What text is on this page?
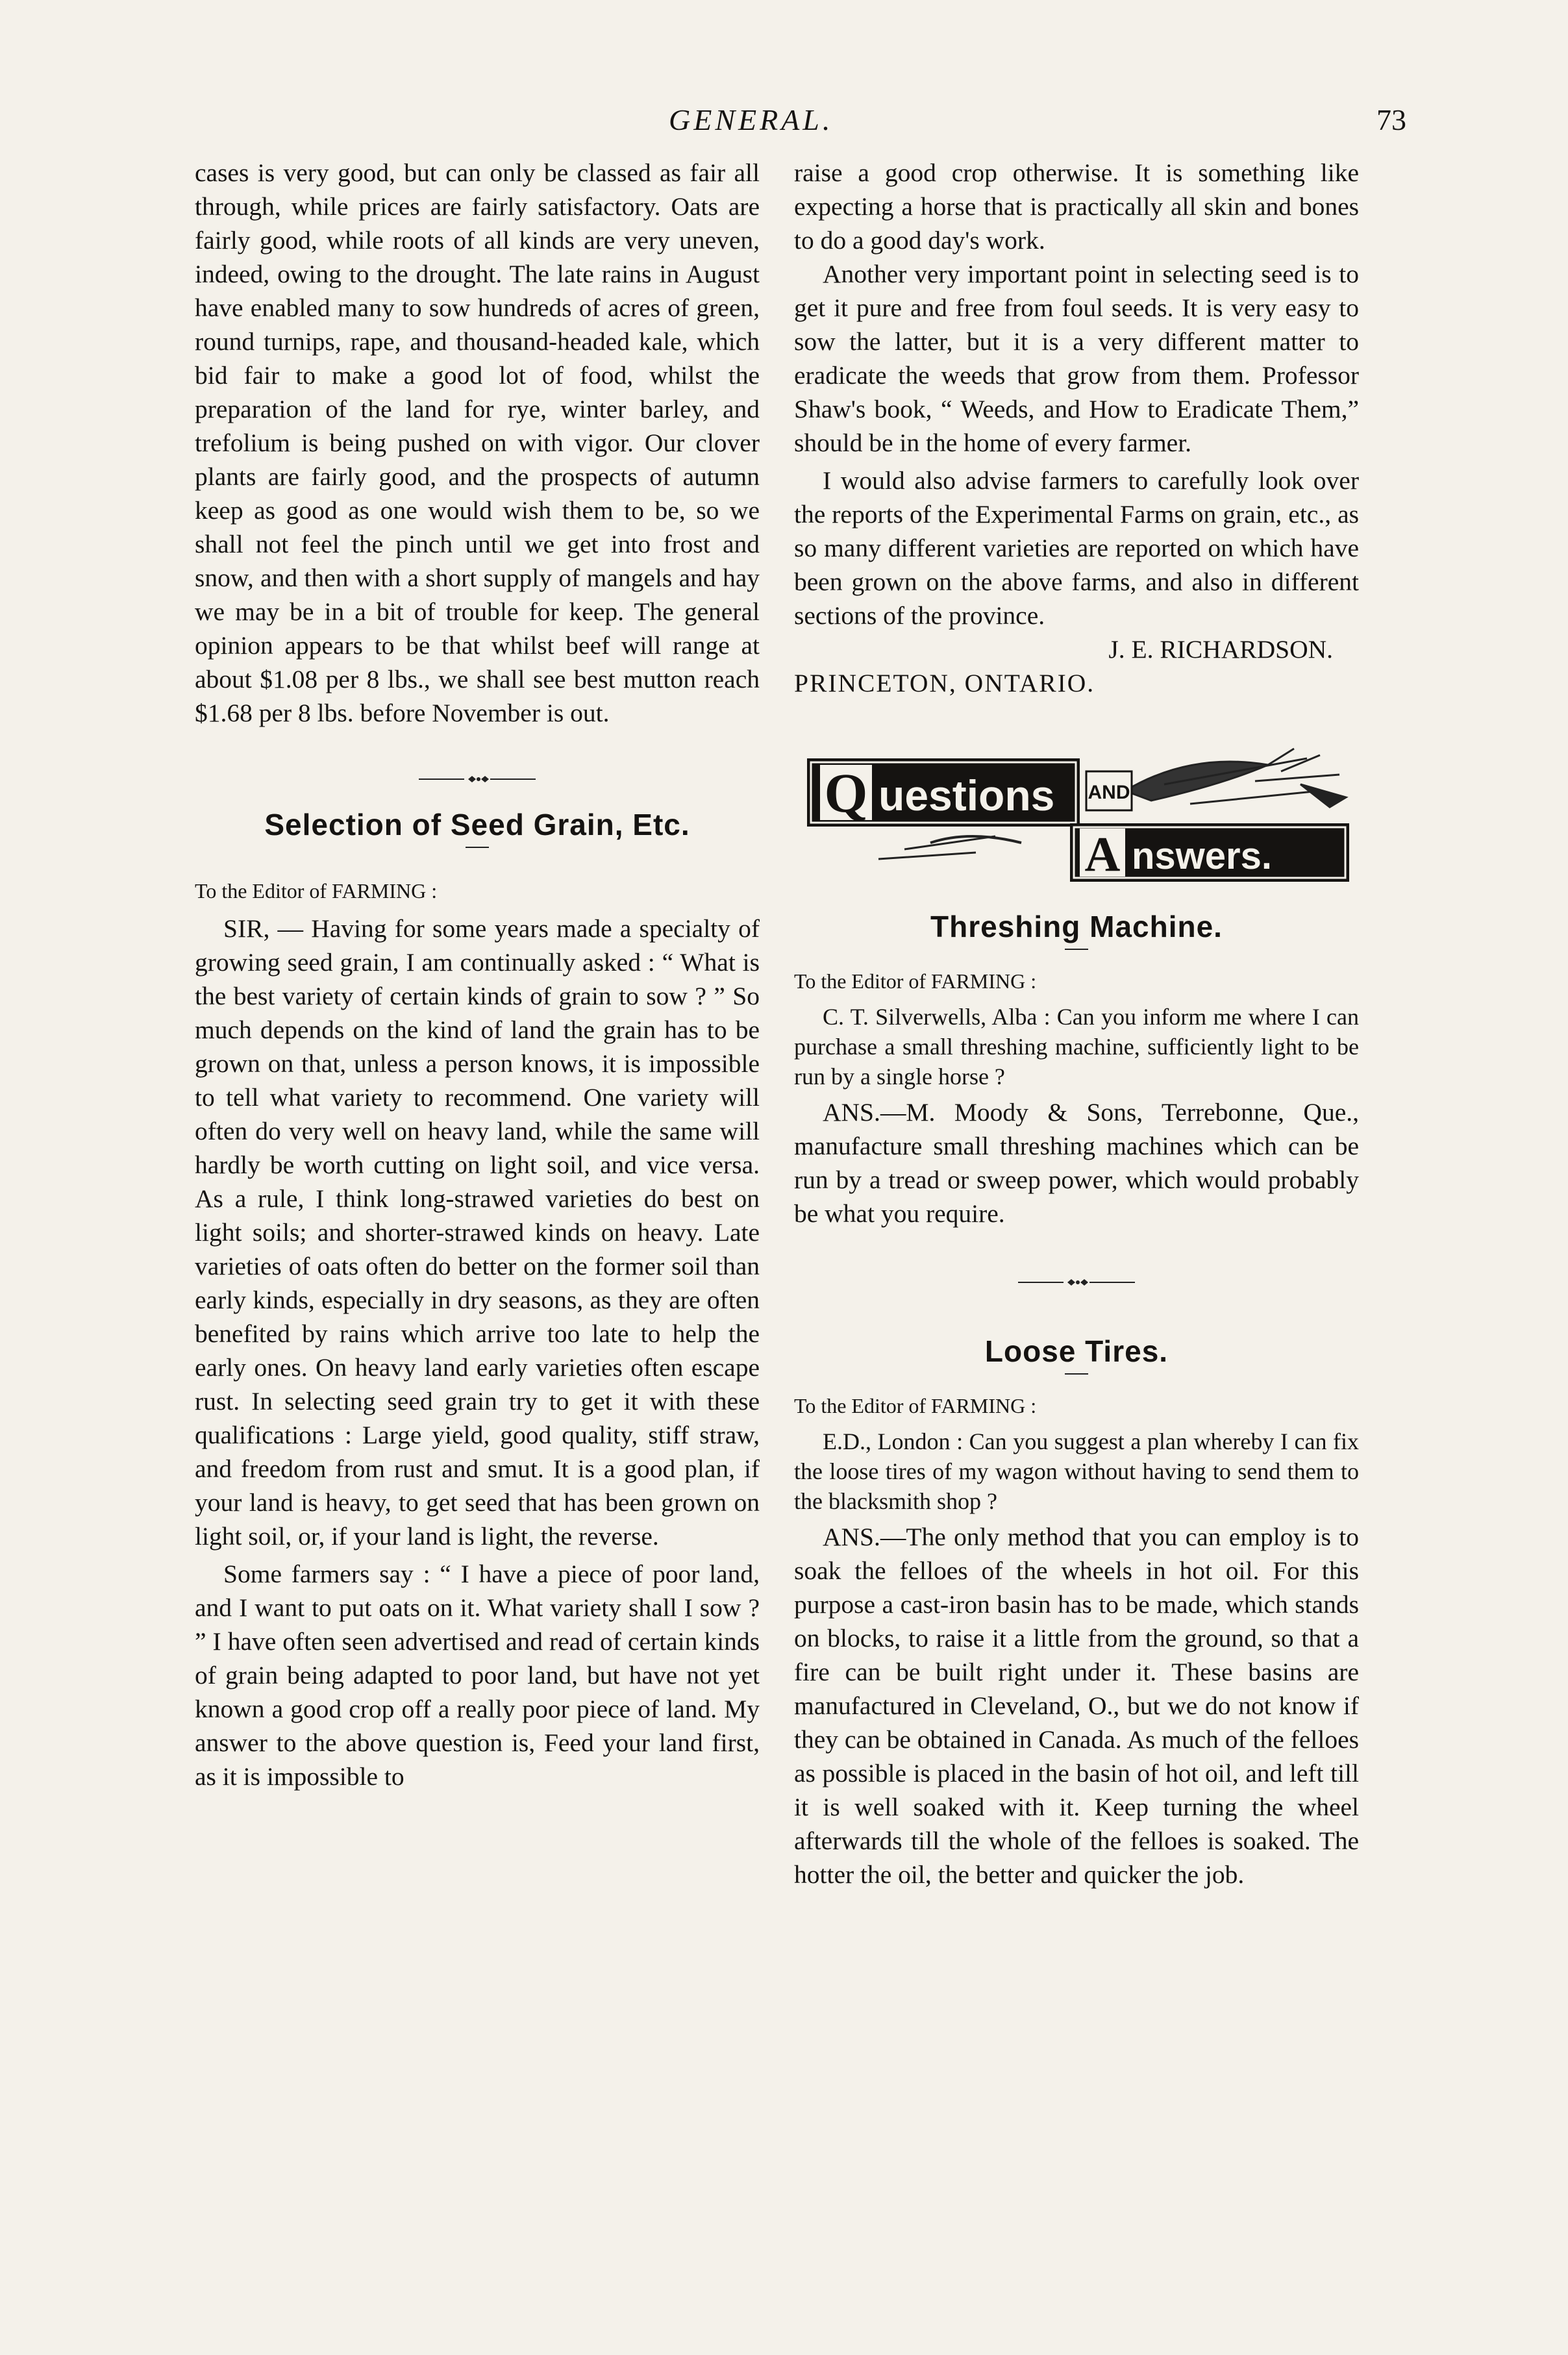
GENERAL.	73

cases is very good, but can only be classed as fair all through, while prices are fairly satisfactory. Oats are fairly good, while roots of all kinds are very uneven, indeed, owing to the drought. The late rains in August have enabled many to sow hundreds of acres of green, round turnips, rape, and thousand-headed kale, which bid fair to make a good lot of food, whilst the preparation of the land for rye, winter barley, and trefolium is being pushed on with vigor. Our clover plants are fairly good, and the prospects of autumn keep as good as one would wish them to be, so we shall not feel the pinch until we get into frost and snow, and then with a short supply of mangels and hay we may be in a bit of trouble for keep. The general opinion appears to be that whilst beef will range at about $1.08 per 8 lbs., we shall see best mutton reach $1.68 per 8 lbs. before November is out.

Selection of Seed Grain, Etc.

To the Editor of FARMING :

SIR, — Having for some years made a specialty of growing seed grain, I am continually asked : “ What is the best variety of certain kinds of grain to sow ? ” So much depends on the kind of land the grain has to be grown on that, unless a person knows, it is impossible to tell what variety to recommend. One variety will often do very well on heavy land, while the same will hardly be worth cutting on light soil, and vice versa. As a rule, I think long-strawed varieties do best on light soils; and shorter-strawed kinds on heavy. Late varieties of oats often do better on the former soil than early kinds, especially in dry seasons, as they are often benefited by rains which arrive too late to help the early ones. On heavy land early varieties often escape rust. In selecting seed grain try to get it with these qualifications : Large yield, good quality, stiff straw, and freedom from rust and smut. It is a good plan, if your land is heavy, to get seed that has been grown on light soil, or, if your land is light, the reverse.

Some farmers say : “ I have a piece of poor land, and I want to put oats on it. What variety shall I sow ? ” I have often seen advertised and read of certain kinds of grain being adapted to poor land, but have not yet known a good crop off a really poor piece of land. My answer to the above question is, Feed your land first, as it is impossible to

raise a good crop otherwise. It is something like expecting a horse that is practically all skin and bones to do a good day's work.

Another very important point in selecting seed is to get it pure and free from foul seeds. It is very easy to sow the latter, but it is a very different matter to eradicate the weeds that grow from them. Professor Shaw's book, “ Weeds, and How to Eradicate Them,” should be in the home of every farmer.

I would also advise farmers to carefully look over the reports of the Experimental Farms on grain, etc., as so many different varieties are reported on which have been grown on the above farms, and also in different sections of the province.

J. E. RICHARDSON.

PRINCETON, ONTARIO.

Q uestions AND
A nswers.
Threshing Machine.

To the Editor of FARMING :

C. T. Silverwells, Alba : Can you inform me where I can purchase a small threshing machine, sufficiently light to be run by a single horse ?

ANS.—M. Moody & Sons, Terrebonne, Que., manufacture small threshing machines which can be run by a tread or sweep power, which would probably be what you require.

Loose Tires.

To the Editor of FARMING :

E.D., London : Can you suggest a plan whereby I can fix the loose tires of my wagon without having to send them to the blacksmith shop ?

ANS.—The only method that you can employ is to soak the felloes of the wheels in hot oil. For this purpose a cast-iron basin has to be made, which stands on blocks, to raise it a little from the ground, so that a fire can be built right under it. These basins are manufactured in Cleveland, O., but we do not know if they can be obtained in Canada. As much of the felloes as possible is placed in the basin of hot oil, and left till it is well soaked with it. Keep turning the wheel afterwards till the whole of the felloes is soaked. The hotter the oil, the better and quicker the job.
